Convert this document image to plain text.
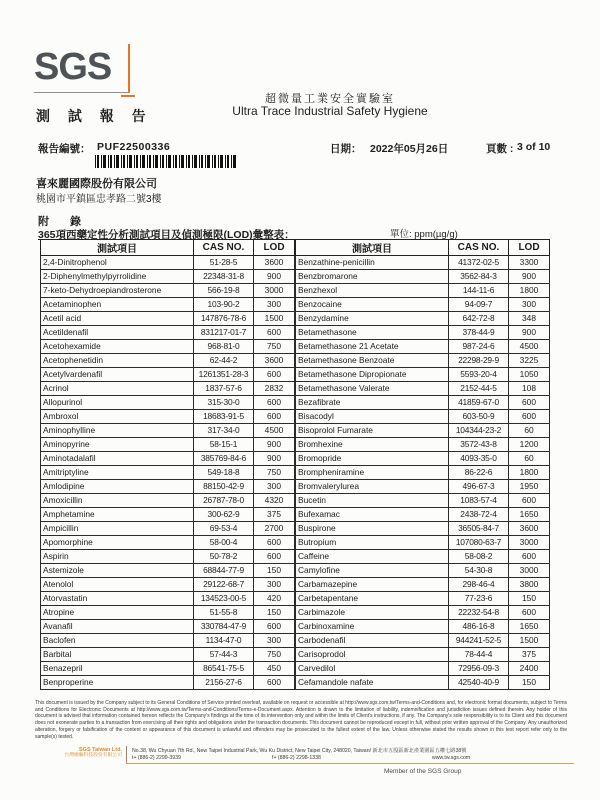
SGS
測 試 報 告
超微量工業安全實驗室
Ultra Trace Industrial Safety Hygiene
報告編號： PUF22500336	日期： 2022年05月26日	頁數 : 3 of 10
喜來麗國際股份有限公司
桃園市平鎮區忠孝路二號3樓
附 錄
365項西藥定性分析測試項目及偵測極限(LOD)彙整表：	單位: ppm(µg/g)
測試項目	CAS NO.	LOD
2,4-Dinitrophenol	51-28-5	3600
2-Diphenylmethylpyrrolidine	22348-31-8	900
7-keto-Dehydroepiandrosterone	566-19-8	3000
Acetaminophen	103-90-2	300
Acetil acid	147876-78-6	1500
Acetildenafil	831217-01-7	600
Acetohexamide	968-81-0	750
Acetophenetidin	62-44-2	3600
Acetylvardenafil	1261351-28-3	600
Acrinol	1837-57-6	2832
Allopurinol	315-30-0	600
Ambroxol	18683-91-5	600
Aminophylline	317-34-0	4500
Aminopyrine	58-15-1	900
Aminotadalafil	385769-84-6	900
Amitriptyline	549-18-8	750
Amlodipine	88150-42-9	300
Amoxicillin	26787-78-0	4320
Amphetamine	300-62-9	375
Ampicillin	69-53-4	2700
Apomorphine	58-00-4	600
Aspirin	50-78-2	600
Astemizole	68844-77-9	150
Atenolol	29122-68-7	300
Atorvastatin	134523-00-5	420
Atropine	51-55-8	150
Avanafil	330784-47-9	600
Baclofen	1134-47-0	300
Barbital	57-44-3	750
Benazepril	86541-75-5	450
Benproperine	2156-27-6	600
測試項目	CAS NO.	LOD
Benzathine-penicillin	41372-02-5	3300
Benzbromarone	3562-84-3	900
Benzhexol	144-11-6	1800
Benzocaine	94-09-7	300
Benzydamine	642-72-8	348
Betamethasone	378-44-9	900
Betamethasone 21 Acetate	987-24-6	4500
Betamethasone Benzoate	22298-29-9	3225
Betamethasone Dipropionate	5593-20-4	1050
Betamethasone Valerate	2152-44-5	108
Bezafibrate	41859-67-0	600
Bisacodyl	603-50-9	600
Bisoprolol Fumarate	104344-23-2	60
Bromhexine	3572-43-8	1200
Bromopride	4093-35-0	60
Brompheniramine	86-22-6	1800
Bromvalerylurea	496-67-3	1950
Bucetin	1083-57-4	600
Bufexamac	2438-72-4	1650
Buspirone	36505-84-7	3600
Butropium	107080-63-7	3000
Caffeine	58-08-2	600
Camylofine	54-30-8	3000
Carbamazepine	298-46-4	3800
Carbetapentane	77-23-6	150
Carbimazole	22232-54-8	600
Carbinoxamine	486-16-8	1650
Carbodenafil	944241-52-5	1500
Carisoprodol	78-44-4	375
Carvedilol	72956-09-3	2400
Cefamandole nafate	42540-40-9	150
This document is issued by the Company subject to its General Conditions of Service printed overleaf, available on request or accessible at http://www.sgs.com.tw/Terms-and-Conditions and, for electronic format documents, subject to Terms and Conditions for Electronic Documents at http://www.sgs.com.tw/Terms-and-Conditions/Terms-e-Document.aspx. Attention is drawn to the limitation of liability, indemnification and jurisdiction issues defined therein. Any holder of this document is advised that information contained hereon reflects the Company's findings at the time of its intervention only and within the limits of Client's instructions, if any. The Company's sole responsibility is to its Client and this document does not exonerate parties to a transaction from exercising all their rights and obligations under the transaction documents. This document cannot be reproduced except in full, without prior written approval of the Company. Any unauthorized alteration, forgery or falsification of the content or appearance of this document is unlawful and offenders may be prosecuted to the fullest extent of the law. Unless otherwise stated the results shown in this test report refer only to the sample(s) tested.
SGS Taiwan Ltd.
台灣檢驗科技股份有限公司
No.38, Wu Chyuan 7th Rd., New Taipei Industrial Park, Wu Ku District, New Taipei City, 248020, Taiwan/ 新北市五股區新北產業園區五權七路38號
t+ (886-2) 2299-3939	f+ (886-2) 2298-1338	www.tw.sgs.com
Member of the SGS Group
